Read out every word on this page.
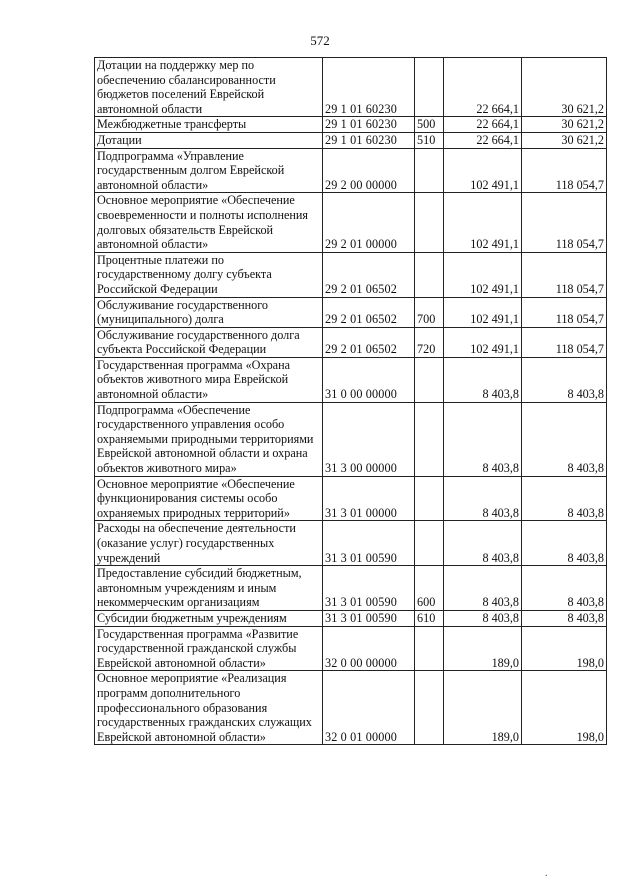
572
Дотации на поддержку мер по обеспечению сбалансированности бюджетов поселений Еврейской автономной области	29 1 01 60230		22 664,1	30 621,2
Межбюджетные трансферты	29 1 01 60230	500	22 664,1	30 621,2
Дотации	29 1 01 60230	510	22 664,1	30 621,2
Подпрограмма «Управление государственным долгом Еврейской автономной области»	29 2 00 00000		102 491,1	118 054,7
Основное мероприятие «Обеспечение своевременности и полноты исполнения долговых обязательств Еврейской автономной области»	29 2 01 00000		102 491,1	118 054,7
Процентные платежи по государственному долгу субъекта Российской Федерации	29 2 01 06502		102 491,1	118 054,7
Обслуживание государственного (муниципального) долга	29 2 01 06502	700	102 491,1	118 054,7
Обслуживание государственного долга субъекта Российской Федерации	29 2 01 06502	720	102 491,1	118 054,7
Государственная программа «Охрана объектов животного мира Еврейской автономной области»	31 0 00 00000		8 403,8	8 403,8
Подпрограмма «Обеспечение государственного управления особо охраняемыми природными территориями Еврейской автономной области и охрана объектов животного мира»	31 3 00 00000		8 403,8	8 403,8
Основное мероприятие «Обеспечение функционирования системы особо охраняемых природных территорий»	31 3 01 00000		8 403,8	8 403,8
Расходы на обеспечение деятельности (оказание услуг) государственных учреждений	31 3 01 00590		8 403,8	8 403,8
Предоставление субсидий бюджетным, автономным учреждениям и иным некоммерческим организациям	31 3 01 00590	600	8 403,8	8 403,8
Субсидии бюджетным учреждениям	31 3 01 00590	610	8 403,8	8 403,8
Государственная программа «Развитие государственной гражданской службы Еврейской автономной области»	32 0 00 00000		189,0	198,0
Основное мероприятие «Реализация программ дополнительного профессионального образования государственных гражданских служащих Еврейской автономной области»	32 0 01 00000		189,0	198,0
.
